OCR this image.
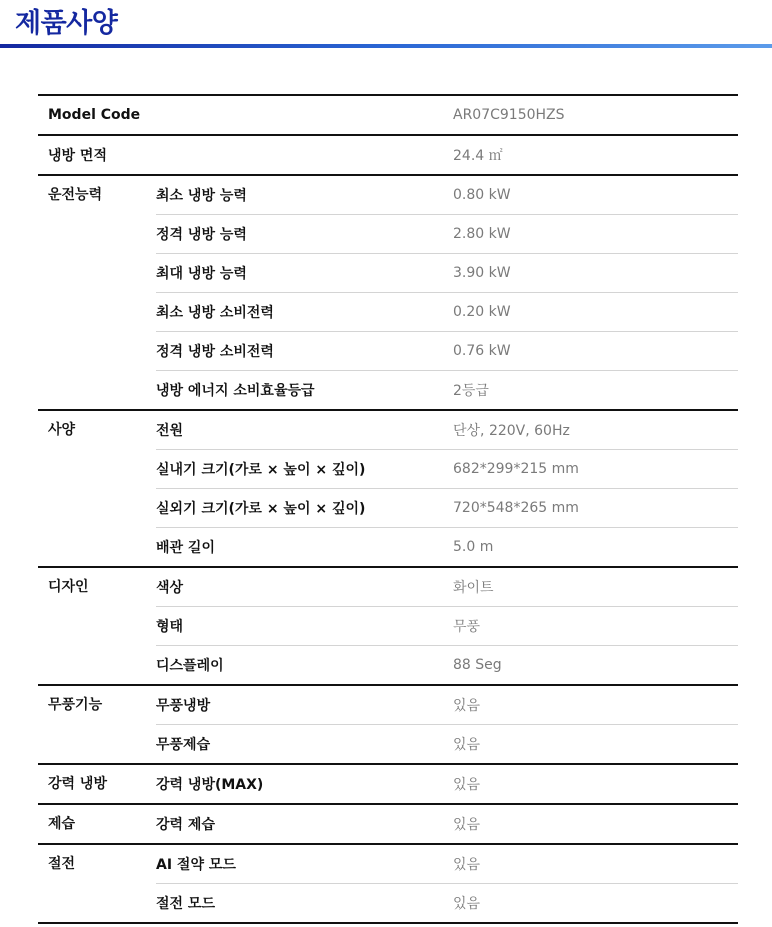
제품사양
Model Code	AR07C9150HZS
냉방 면적	24.4 ㎡
운전능력	최소 냉방 능력	0.80 kW
정격 냉방 능력	2.80 kW
최대 냉방 능력	3.90 kW
최소 냉방 소비전력	0.20 kW
정격 냉방 소비전력	0.76 kW
냉방 에너지 소비효율등급	2등급
사양	전원	단상, 220V, 60Hz
실내기 크기(가로 × 높이 × 깊이)	682*299*215 mm
실외기 크기(가로 × 높이 × 깊이)	720*548*265 mm
배관 길이	5.0 m
디자인	색상	화이트
형태	무풍
디스플레이	88 Seg
무풍기능	무풍냉방	있음
무풍제습	있음
강력 냉방	강력 냉방(MAX)	있음
제습	강력 제습	있음
절전	AI 절약 모드	있음
절전 모드	있음
